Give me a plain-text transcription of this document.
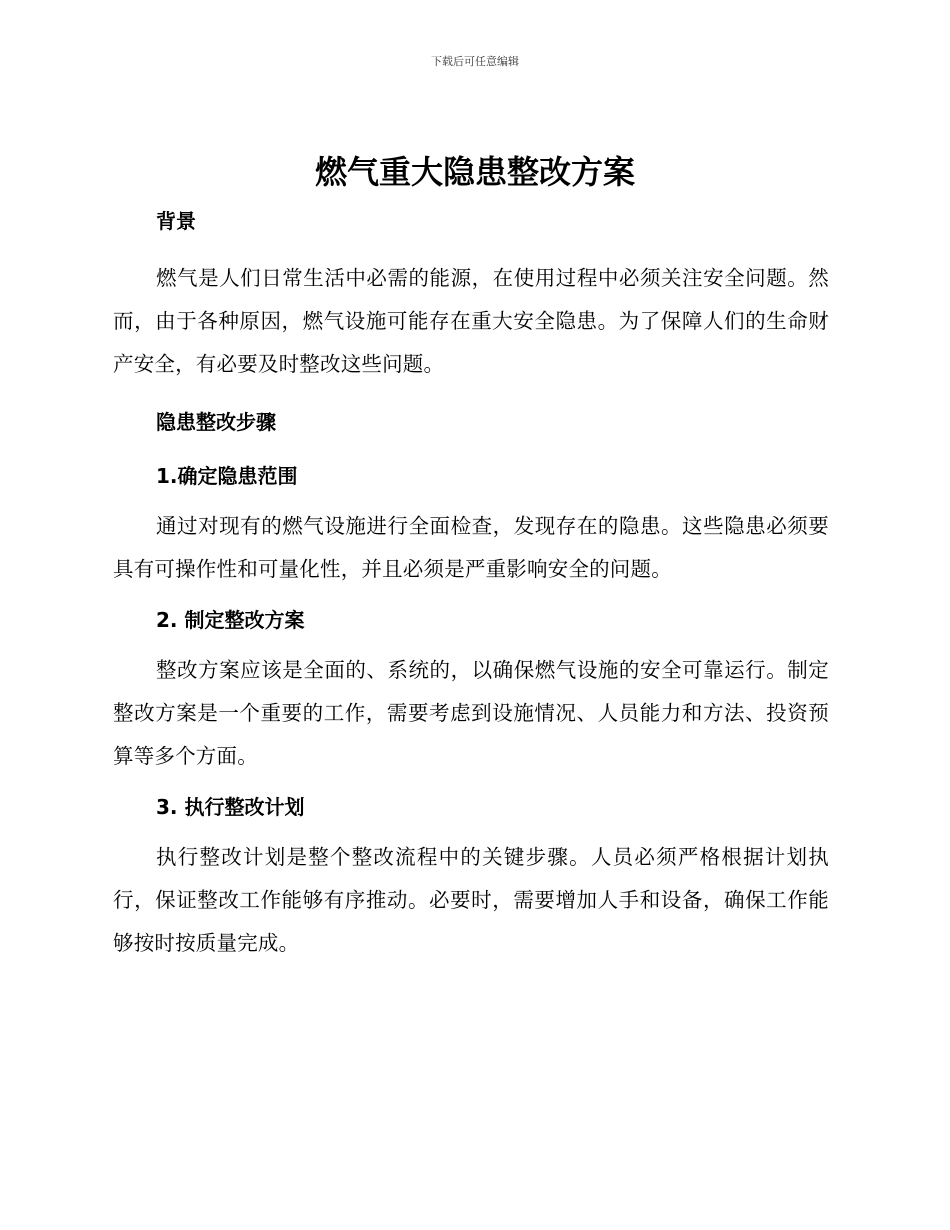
下载后可任意编辑
燃气重大隐患整改方案

背景

燃气是人们日常生活中必需的能源，在使用过程中必须关注安全问题。然而，由于各种原因，燃气设施可能存在重大安全隐患。为了保障人们的生命财产安全，有必要及时整改这些问题。

隐患整改步骤

1.确定隐患范围

通过对现有的燃气设施进行全面检查，发现存在的隐患。这些隐患必须要具有可操作性和可量化性，并且必须是严重影响安全的问题。

2. 制定整改方案

整改方案应该是全面的、系统的，以确保燃气设施的安全可靠运行。制定整改方案是一个重要的工作，需要考虑到设施情况、人员能力和方法、投资预算等多个方面。

3. 执行整改计划

执行整改计划是整个整改流程中的关键步骤。人员必须严格根据计划执行，保证整改工作能够有序推动。必要时，需要增加人手和设备，确保工作能够按时按质量完成。
